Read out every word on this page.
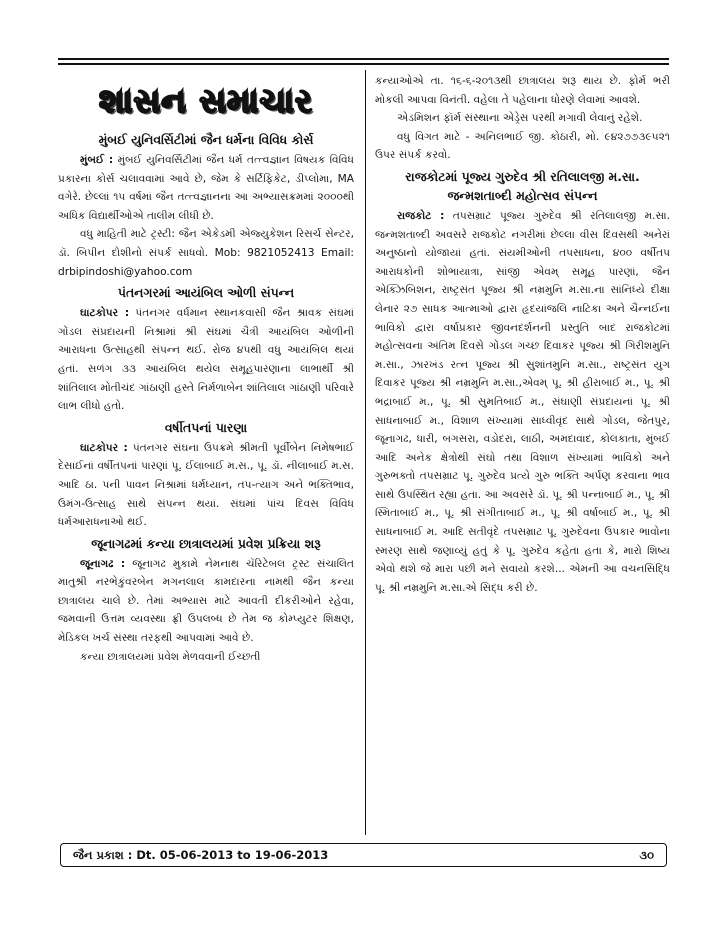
શાસન સમાચાર
મુંબઈ યુનિવર્સિટીમાં જૈન ધર્મના વિવિધ કોર્સ

મુંબઈ : મુંબઈ યુનિવર્સિટીમાં જૈન ધર્મ તત્ત્વજ્ઞાન વિષયક વિવિધ પ્રકારના કોર્સ ચલાવવામાં આવે છે, જેમ કે સર્ટિફિકેટ, ડીપ્લોમા, MA વગેરે. છેલ્લાં ૧૫ વર્ષમાં જૈન તત્ત્વજ્ઞાનના આ અભ્યાસક્રમમાં ૨૦૦૦થી અધિક વિદ્યાર્થીઓએ તાલીમ લીધી છે.

વધુ માહિતી માટે ટ્રસ્ટી: જૈન એકેડમી એજ્યુકેશન રિસર્ચ સેન્ટર, ડૉ. બિપીન દોશીનો સંપર્ક સાધવો. Mob: 9821052413 Email: drbipindoshi@yahoo.com

પંતનગરમાં આયંબિલ ઓળી સંપન્ન

ઘાટકોપર : પંતનગર વર્ધમાન સ્થાનકવાસી જૈન શ્રાવક સંઘમાં ગોંડલ સંપ્રદાયની નિશ્રામાં શ્રી સંઘમાં ચૈત્રી આયંબિલ ઓળીની આરાધના ઉત્સાહથી સંપન્ન થઈ. રોજ ૪૫થી વધુ આયંબિલ થયાં હતાં. સળંગ ૩૩ આયંબિલ થયેલ સમૂહપારણાના લાભાર્થી શ્રી શાંતિલાલ મોતીચંદ ગાંઠાણી હસ્તે નિર્મળાબેન શાંતિલાલ ગાંઠાણી પરિવારે લાભ લીધો હતો.

વર્ષીતપનાં પારણા

ઘાટકોપર : પંતનગર સંઘના ઉપક્રમે શ્રીમતી પૂર્વીબેન નિમેષભાઈ દેસાઈનાં વર્ષીતપનાં પારણાં પૂ. ઈલાબાઈ મ.સ., પૂ. ડૉ. નીલાબાઈ મ.સ. આદિ ઠા. પની પાવન નિશ્રામાં ધર્મધ્યાન, તપ-ત્યાગ અને ભક્તિભાવ, ઉમંગ-ઉત્સાહ સાથે સંપન્ન થયાં. સંઘમાં પાંચ દિવસ વિવિધ ધર્મઆરાધનાઓ થઈ.

જૂનાગઢમાં કન્યા છાત્રાલયમાં પ્રવેશ પ્રક્રિયા શરૂ

જૂનાગઢ : જૂનાગઢ મુકામે નેમનાથ ચૅરિટેબલ ટ્રસ્ટ સંચાલિત માતુશ્રી નરભેકુંવરબેન મગનલાલ કામદારના નામથી જૈન કન્યા છાત્રાલય ચાલે છે. તેમાં અભ્યાસ માટે આવતી દીકરીઓને રહેવા, જમવાની ઉત્તમ વ્યવસ્થા ફ્રી ઉપલબ્ધ છે તેમ જ કોમ્પ્યુટર શિક્ષણ, મેડિકલ ખર્ચ સંસ્થા તરફથી આપવામાં આવે છે.

કન્યા છાત્રાલયમાં પ્રવેશ મેળવવાની ઈચ્છતી

કન્યાઓએ તા. ૧૬-૬-૨૦૧૩થી છાત્રાલય શરૂ થાય છે. ફોર્મ ભરી મોકલી આપવા વિનંતી. વહેલા તે પહેલાના ધોરણે લેવામાં આવશે.

એડમિશન ફૉર્મ સંસ્થાના એડ્રેસ પરથી મગાવી લેવાનું રહેશે.

વધુ વિગત માટે - અનિલભાઈ જી. કોઠારી, મો. ૯૪૨૭૭૩૯૫૨૧ ઉપર સંપર્ક કરવો.

રાજકોટમાં પૂજ્ય ગુરુદેવ શ્રી રતિલાલજી મ.સા.
જન્મશતાબ્દી મહોત્સવ સંપન્ન

રાજકોટ : તપસમ્રાટ પૂજ્ય ગુરુદેવ શ્રી રતિલાલજી મ.સા. જન્મશતાબ્દી અવસરે રાજકોટ નગરીમાં છેલ્લા વીસ દિવસથી અનેરાં અનુષ્ઠાનો યોજાયાં હતાં. સંયમીઓની તપસાધના, ૪૦૦ વર્ષીતપ આરાધકોની શોભાયાત્રા, સાંજી એવમ્ સમૂહ પારણાં, જૈન એક્ઝિબિશન, રાષ્ટ્રસંત પૂજ્ય શ્રી નમ્રમુનિ મ.સા.ના સાંનિધ્યે દીક્ષા લેનાર ૨૭ સાધક આત્માઓ દ્વારા હૃદયાંજલિ નાટિકા અને ચૈન્નઈના ભાવિકો દ્વારા વર્ષાપ્રકાર જીવનદર્શનની પ્રસ્તુતિ બાદ રાજકોટમાં મહોત્સવના અંતિમ દિવસે ગોંડલ ગચ્છ દિવાકર પૂજ્ય શ્રી ગિરીશમુનિ મ.સા., ઝારખંડ રત્ન પૂજ્ય શ્રી સુશાંતમુનિ મ.સા., રાષ્ટ્રસંત યુગ દિવાકર પૂજ્ય શ્રી નમ્રમુનિ મ.સા.,એવમ્ પૂ. શ્રી હીરાબાઈ મ., પૂ. શ્રી ભદ્રાબાઈ મ., પૂ. શ્રી સુમતિબાઈ મ., સંઘાણી સંપ્રદાયનાં પૂ. શ્રી સાધનાબાઈ મ., વિશાળ સંખ્યામાં સાધ્વીવૃંદ સાથે ગોંડલ, જેતપુર, જૂનાગઢ, ધારી, બગસરા, વડોદરા, લાઠી, અમદાવાદ, કોલકાતા, મુંબઈ આદિ અનેક ક્ષેત્રોથી સંઘો તથા વિશાળ સંખ્યામાં ભાવિકો અને ગુરુભક્તો તપસમ્રાટ પૂ. ગુરુદેવ પ્રત્યે ગુરુ ભક્તિ અર્પણ કરવાના ભાવ સાથે ઉપસ્થિત રહ્યા હતા. આ અવસરે ડૉ. પૂ. શ્રી પન્નાબાઈ મ., પૂ. શ્રી સ્મિતાબાઈ મ., પૂ. શ્રી સંગીતાબાઈ મ., પૂ. શ્રી વર્ષાબાઈ મ., પૂ. શ્રી સાધનાબાઈ મ. આદિ સતીવૃંદે તપસમ્રાટ પૂ. ગુરુદેવના ઉપકાર ભાવોના સ્મરણ સાથે જણાવ્યું હતું કે પૂ. ગુરુદેવ કહેતા હતા કે, મારો શિષ્ય એવો થશે જે મારા પછી મને સવાયો કરશે... એમની આ વચનસિદ્ધિ પૂ. શ્રી નમ્રમુનિ મ.સા.એ સિદ્ધ કરી છે.

જૈન પ્રકાશ : Dt. 05-06-2013 to 19-06-2013	૩૦
